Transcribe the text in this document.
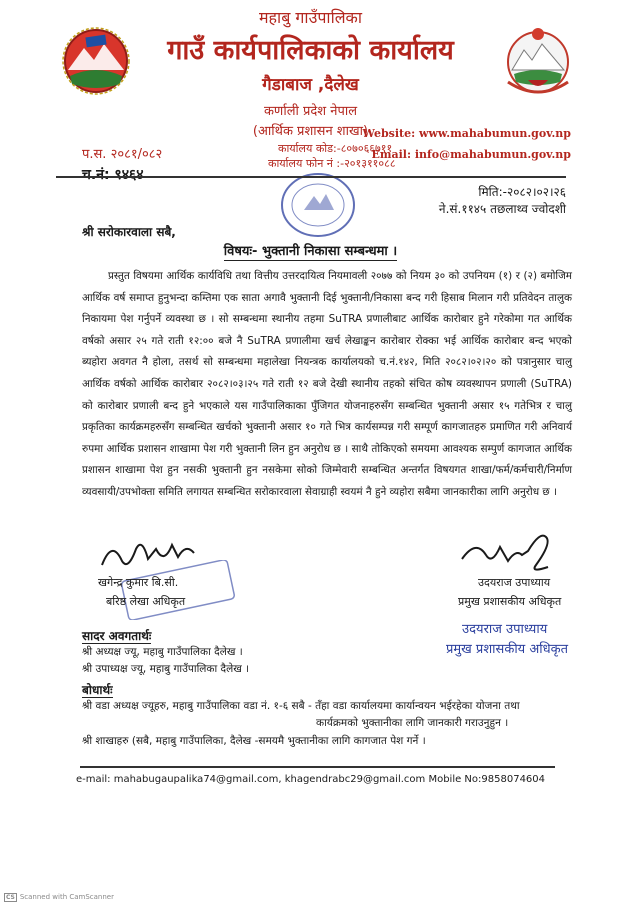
महाबु गाउँपालिका
गाउँ कार्यपालिकाको कार्यालय
गैडाबाज ,दैलेख
कर्णाली प्रदेश नेपाल
(आर्थिक प्रशासन शाखा)
कार्यालय कोड:-८०७०६६७११
कार्यालय फोन नं :-२०१३११०८८
Website: www.mahabumun.gov.np
Email: info@mahabumun.gov.np
प.स. २०८१/०८२
च.नं: ९४६४
मिति:-२०८२।०२।२६
ने.सं.११४५ तछलाथ्व ज्वोदशी
श्री सरोकारवाला सबै,
विषयः- भुक्तानी निकासा सम्बन्धमा ।

प्रस्तुत विषयमा आर्थिक कार्यविधि तथा वित्तीय उत्तरदायित्व नियमावली २०७७ को नियम ३० को उपनियम (१) र (२) बमोजिम आर्थिक वर्ष समाप्त हुनुभन्दा कम्तिमा एक साता अगावै भुक्तानी दिई भुक्तानी/निकासा बन्द गरी हिसाब मिलान गरी प्रतिवेदन तालुक निकायमा पेश गर्नुपर्ने व्यवस्था छ । सो सम्बन्धमा स्थानीय तहमा SuTRA प्रणालीबाट आर्थिक कारोबार हुने गरेकोमा गत आर्थिक वर्षको असार २५ गते राती १२:०० बजे नै SuTRA प्रणालीमा खर्च लेखाङ्कन कारोबार रोक्का भई आर्थिक कारोबार बन्द भएको ब्यहोरा अवगत नै होला, तसर्थ सो सम्बन्धमा महालेखा नियन्त्रक कार्यालयको च.नं.१४२, मिति २०८२।०२।२० को पत्रानुसार चालु आर्थिक वर्षको आर्थिक कारोबार २०८२।०३।२५ गते राती १२ बजे देखी स्थानीय तहको संचित कोष व्यवस्थापन प्रणाली (SuTRA) को कारोबार प्रणाली बन्द हुने भएकाले यस गाउँपालिकाका पुँजिगत योजनाहरुसँग सम्बन्धित भुक्तानी असार १५ गतेभित्र र चालु प्रकृतिका कार्यक्रमहरुसँग सम्बन्धित खर्चको भुक्तानी असार १० गते भित्र कार्यसम्पन्न गरी सम्पूर्ण कागजातहरु प्रमाणित गरी अनिवार्य रुपमा आर्थिक प्रशासन शाखामा पेश गरी भुक्तानी लिन हुन अनुरोध छ । साथै तोकिएको समयमा आवश्यक सम्पुर्ण कागजात आर्थिक प्रशासन शाखामा पेश हुन नसकी भुक्तानी हुन नसकेमा सोको जिम्मेवारी सम्बन्धित अन्तर्गत विषयगत शाखा/फर्म/कर्मचारी/निर्माण व्यवसायी/उपभोक्ता समिति लगायत सम्बन्धित सरोकारवाला सेवाग्राही स्वयमं नै हुने व्यहोरा सबैमा जानकारीका लागि अनुरोध छ ।

खगेन्द्र कुमार बि.सी.
बरिष्ठ लेखा अधिकृत
उदयराज उपाध्याय
प्रमुख प्रशासकीय अधिकृत
उदयराज उपाध्याय
प्रमुख प्रशासकीय अधिकृत
सादर अवगतार्थः
श्री अध्यक्ष ज्यू, महाबु गाउँपालिका दैलेख ।
श्री उपाध्यक्ष ज्यू, महाबु गाउँपालिका दैलेख ।
बोधार्थः
श्री वडा अध्यक्ष ज्यूहरु, महाबु गाउँपालिका वडा नं. १-६ सबै - तँहा वडा कार्यालयमा कार्यान्वयन भईरहेका योजना तथा
कार्यक्रमको भुक्तानीका लागि जानकारी गराउनुहुन ।
श्री शाखाहरु (सबै, महाबु गाउँपालिका, दैलेख -समयमै भुक्तानीका लागि कागजात पेश गर्ने ।
e-mail: mahabugaupalika74@gmail.com, khagendrabc29@gmail.com Mobile No:9858074604
CS Scanned with CamScanner
